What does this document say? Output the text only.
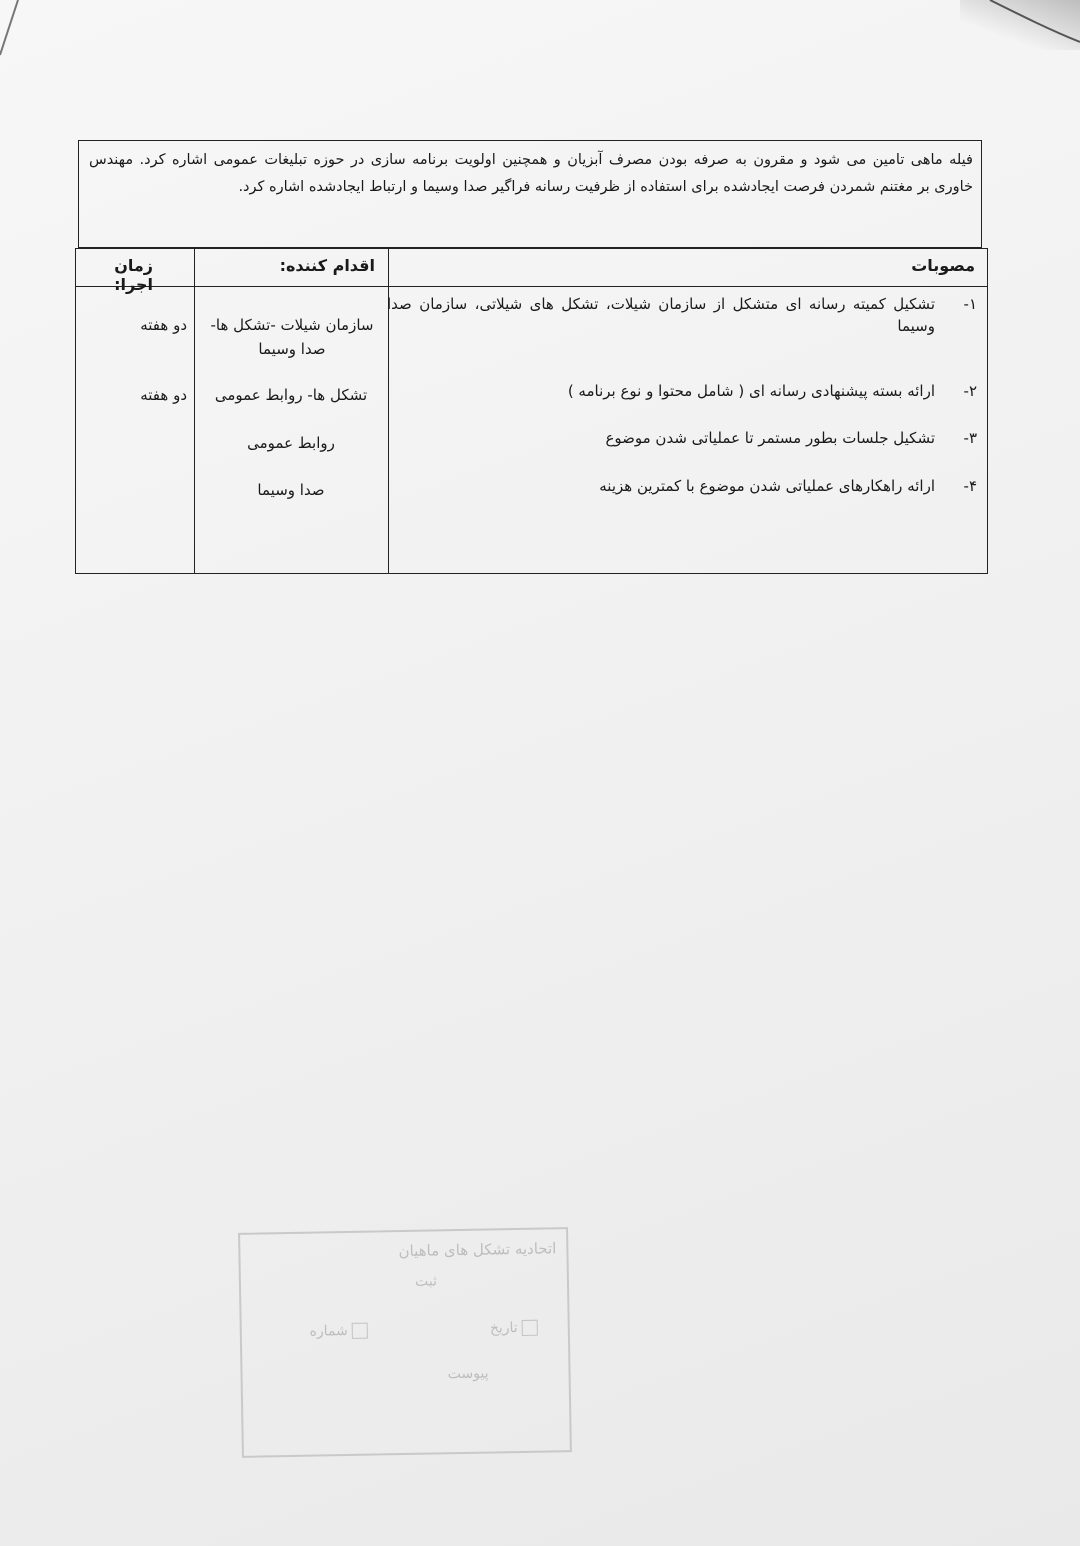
فیله ماهی تامین می شود و مقرون به صرفه بودن مصرف آبزیان و همچنین اولویت برنامه سازی در حوزه تبلیغات عمومی اشاره کرد. مهندس خاوری بر مغتنم شمردن فرصت ایجادشده برای استفاده از ظرفیت رسانه فراگیر صدا وسیما و ارتباط ایجادشده اشاره کرد.
مصوبات
اقدام کننده:
زمان اجرا:
۱-
تشکیل کمیته رسانه ای متشکل از سازمان شیلات، تشکل های شیلاتی، سازمان صدا وسیما
۲-
ارائه بسته پیشنهادی رسانه ای ( شامل محتوا و نوع برنامه )
۳-
تشکیل جلسات بطور مستمر تا عملیاتی شدن موضوع
۴-
ارائه راهکارهای عملیاتی شدن موضوع با کمترین هزینه
سازمان شیلات -تشکل ها- صدا وسیما
تشکل ها- روابط عمومی
روابط عمومی
صدا وسیما
دو هفته
دو هفته
اتحادیه تشکل های ماهیان
ثبت
تاریخ
شماره
پیوست
